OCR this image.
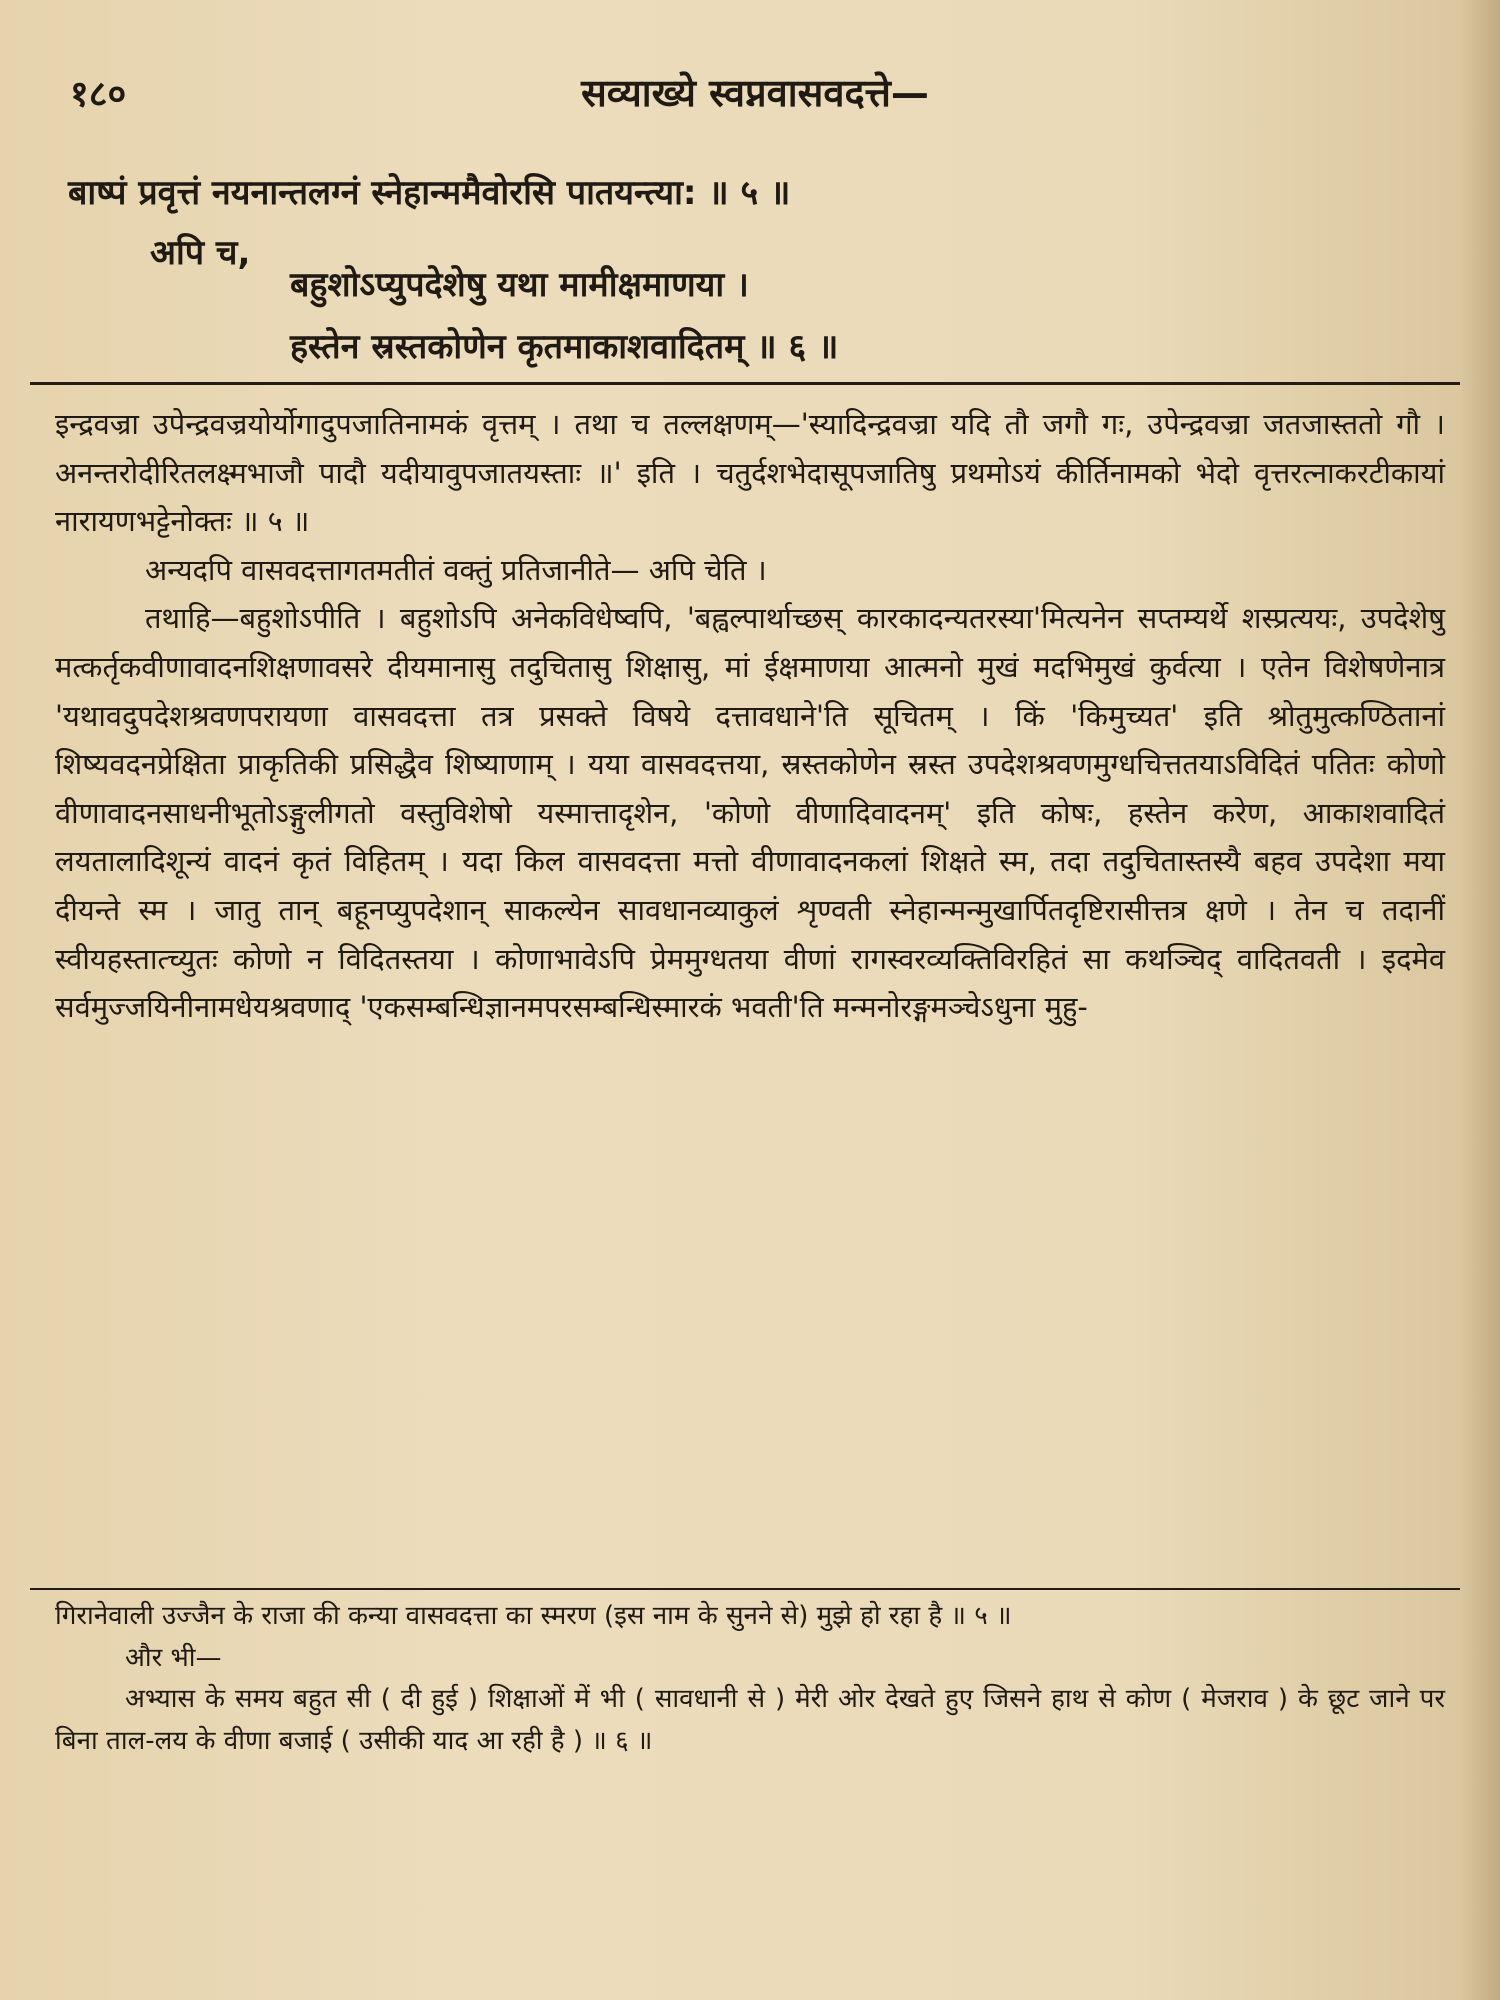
१८०	सव्याख्ये स्वप्नवासवदत्ते—
बाष्पं प्रवृत्तं नयनान्तलग्नं स्नेहान्ममैवोरसि पातयन्त्या: ॥ ५ ॥
अपि च,
बहुशोऽप्युपदेशेषु यथा मामीक्षमाणया ।
हस्तेन स्रस्तकोणेन कृतमाकाशवादितम् ॥ ६ ॥

इन्द्रवज्रा उपेन्द्रवज्रयोर्योगादुपजातिनामकं वृत्तम् । तथा च तल्लक्षणम्—'स्यादिन्द्रवज्रा यदि तौ जगौ गः, उपेन्द्रवज्रा जतजास्ततो गौ । अनन्तरोदीरितलक्ष्मभाजौ पादौ यदीयावुपजातयस्ताः ॥' इति । चतुर्दशभेदासूपजातिषु प्रथमोऽयं कीर्तिनामको भेदो वृत्तरत्नाकरटीकायां नारायणभट्टेनोक्तः ॥ ५ ॥

अन्यदपि वासवदत्तागतमतीतं वक्तुं प्रतिजानीते— अपि चेति ।

तथाहि—बहुशोऽपीति । बहुशोऽपि अनेकविधेष्वपि, 'बह्वल्पार्थाच्छस् कारकादन्यतरस्या'मित्यनेन सप्तम्यर्थे शस्प्रत्ययः, उपदेशेषु मत्कर्तृकवीणावादनशिक्षणावसरे दीयमानासु तदुचितासु शिक्षासु, मां ईक्षमाणया आत्मनो मुखं मदभिमुखं कुर्वत्या । एतेन विशेषणेनात्र 'यथावदुपदेशश्रवणपरायणा वासवदत्ता तत्र प्रसक्ते विषये दत्तावधाने'ति सूचितम् । किं 'किमुच्यत' इति श्रोतुमुत्कण्ठितानां शिष्यवदनप्रेक्षिता प्राकृतिकी प्रसिद्धैव शिष्याणाम् । यया वासवदत्तया, स्रस्तकोणेन स्रस्त उपदेशश्रवणमुग्धचित्ततयाऽविदितं पतितः कोणो वीणावादनसाधनीभूतोऽङ्गुलीगतो वस्तुविशेषो यस्मात्तादृशेन, 'कोणो वीणादिवादनम्' इति कोषः, हस्तेन करेण, आकाशवादितं लयतालादिशून्यं वादनं कृतं विहितम् । यदा किल वासवदत्ता मत्तो वीणावादनकलां शिक्षते स्म, तदा तदुचितास्तस्यै बहव उपदेशा मया दीयन्ते स्म । जातु तान् बहूनप्युपदेशान् साकल्येन सावधानव्याकुलं शृण्वती स्नेहान्मन्मुखार्पितदृष्टिरासीत्तत्र क्षणे । तेन च तदानीं स्वीयहस्तात्च्युतः कोणो न विदितस्तया । कोणाभावेऽपि प्रेममुग्धतया वीणां रागस्वरव्यक्तिविरहितं सा कथञ्चिद् वादितवती । इदमेव सर्वमुज्जयिनीनामधेयश्रवणाद् 'एकसम्बन्धिज्ञानमपरसम्बन्धिस्मारकं भवती'ति मन्मनोरङ्गमञ्चेऽधुना मुहु-

गिरानेवाली उज्जैन के राजा की कन्या वासवदत्ता का स्मरण (इस नाम के सुनने से) मुझे हो रहा है ॥ ५ ॥

और भी—

अभ्यास के समय बहुत सी ( दी हुई ) शिक्षाओं में भी ( सावधानी से ) मेरी ओर देखते हुए जिसने हाथ से कोण ( मेजराव ) के छूट जाने पर बिना ताल-लय के वीणा बजाई ( उसीकी याद आ रही है ) ॥ ६ ॥
